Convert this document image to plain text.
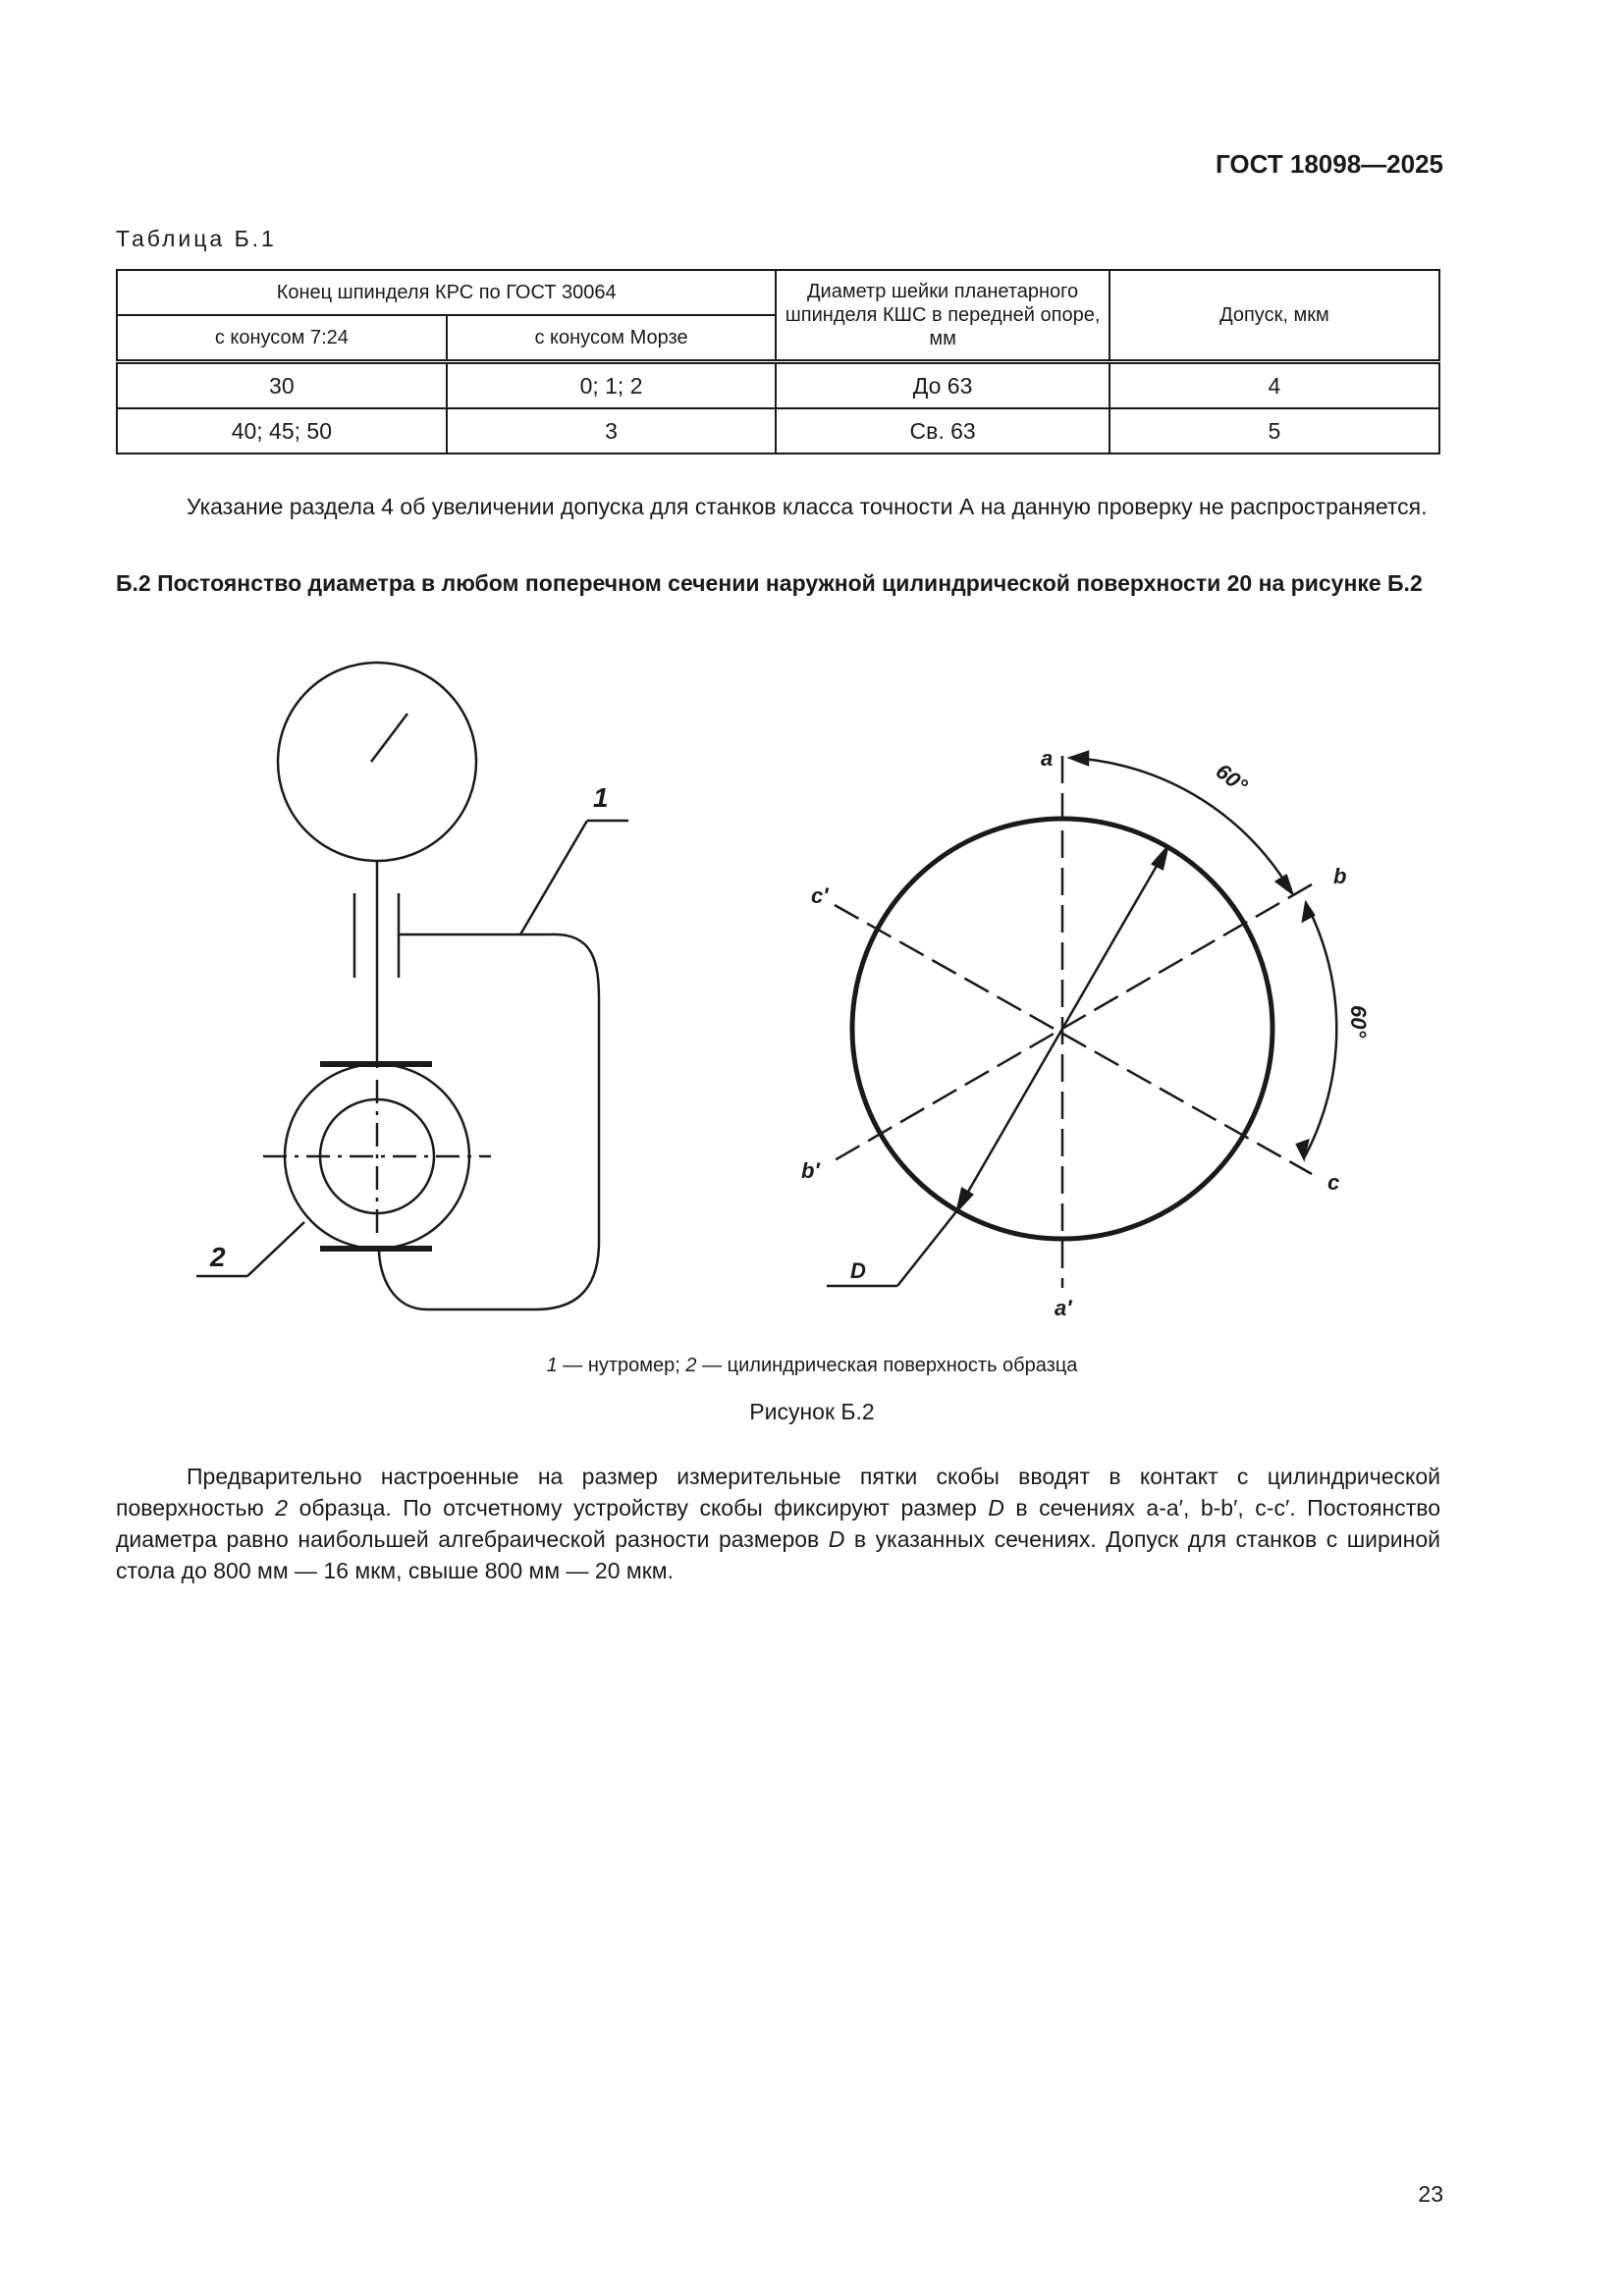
ГОСТ 18098—2025
Таблица Б.1
Конец шпинделя КРС по ГОСТ 30064		Диаметр шейки планетарного шпинделя КШС в передней опоре, мм	Допуск, мкм
с конусом 7:24	с конусом Морзе		
30	0; 1; 2	До 63	4
40; 45; 50	3	Св. 63	5
Указание раздела 4 об увеличении допуска для станков класса точности А на данную проверку не распространяется.
Б.2 Постоянство диаметра в любом поперечном сечении наружной цилиндрической поверхности 20 на рисунке Б.2
1
2
a
a′
b
b′	c
c′
D
60°
60°
1 — нутромер; 2 — цилиндрическая поверхность образца
Рисунок Б.2
Предварительно настроенные на размер измерительные пятки скобы вводят в контакт с цилиндрической поверхностью 2 образца. По отсчетному устройству скобы фиксируют размер D в сечениях a-a′, b-b′, c-c′. Постоянство диаметра равно наибольшей алгебраической разности размеров D в указанных сечениях. Допуск для станков с шириной стола до 800 мм — 16 мкм, свыше 800 мм — 20 мкм.
23
